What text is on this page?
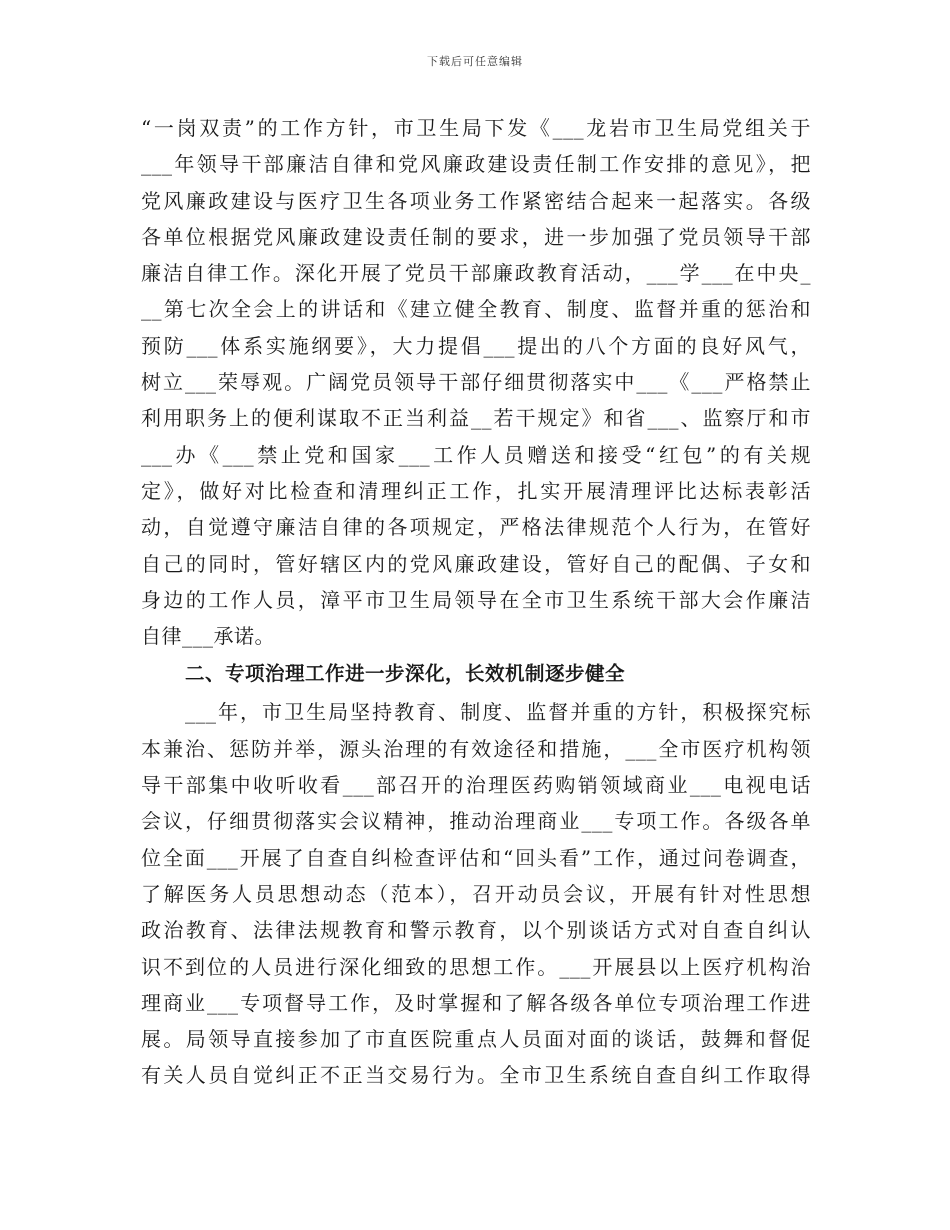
下载后可任意编辑
“一岗双责”的工作方针，市卫生局下发《___龙岩市卫生局党组关于
___年领导干部廉洁自律和党风廉政建设责任制工作安排的意见》，把
党风廉政建设与医疗卫生各项业务工作紧密结合起来一起落实。各级
各单位根据党风廉政建设责任制的要求，进一步加强了党员领导干部
廉洁自律工作。深化开展了党员干部廉政教育活动，___学___在中央_
__第七次全会上的讲话和《建立健全教育、制度、监督并重的惩治和
预防___体系实施纲要》，大力提倡___提出的八个方面的良好风气，
树立___荣辱观。广阔党员领导干部仔细贯彻落实中___《___严格禁止
利用职务上的便利谋取不正当利益__若干规定》和省___、监察厅和市
___办《___禁止党和国家___工作人员赠送和接受“红包”的有关规
定》，做好对比检查和清理纠正工作，扎实开展清理评比达标表彰活
动，自觉遵守廉洁自律的各项规定，严格法律规范个人行为，在管好
自己的同时，管好辖区内的党风廉政建设，管好自己的配偶、子女和
身边的工作人员，漳平市卫生局领导在全市卫生系统干部大会作廉洁
自律___承诺。
二、专项治理工作进一步深化，长效机制逐步健全
___年，市卫生局坚持教育、制度、监督并重的方针，积极探究标
本兼治、惩防并举，源头治理的有效途径和措施，___全市医疗机构领
导干部集中收听收看___部召开的治理医药购销领域商业___电视电话
会议，仔细贯彻落实会议精神，推动治理商业___专项工作。各级各单
位全面___开展了自查自纠检查评估和“回头看”工作，通过问卷调查，
了解医务人员思想动态（范本），召开动员会议，开展有针对性思想
政治教育、法律法规教育和警示教育，以个别谈话方式对自查自纠认
识不到位的人员进行深化细致的思想工作。___开展县以上医疗机构治
理商业___专项督导工作，及时掌握和了解各级各单位专项治理工作进
展。局领导直接参加了市直医院重点人员面对面的谈话，鼓舞和督促
有关人员自觉纠正不正当交易行为。全市卫生系统自查自纠工作取得
